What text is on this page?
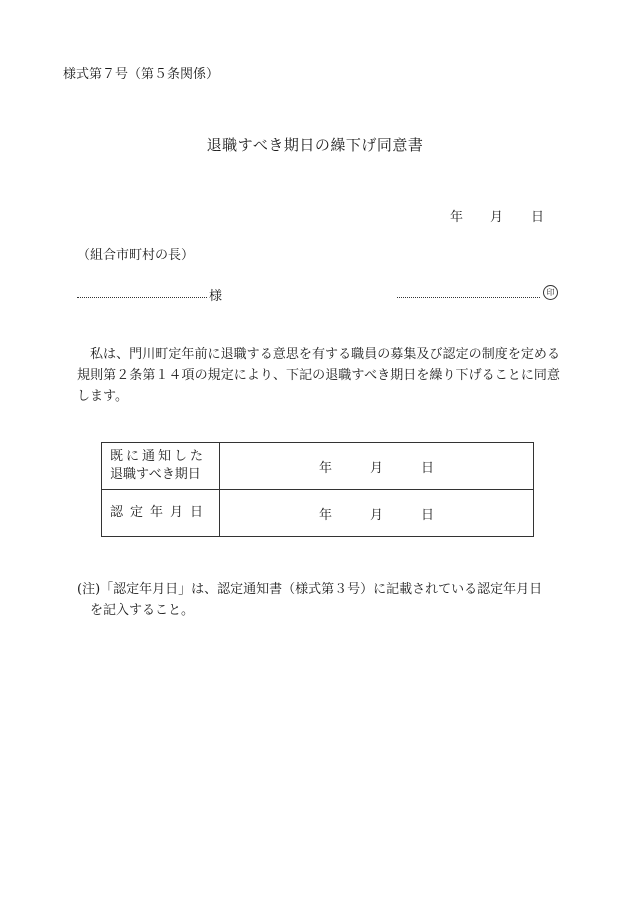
様式第７号（第５条関係）
退職すべき期日の繰下げ同意書
年 月 日
（組合市町村の長）
様	印
私は、門川町定年前に退職する意思を有する職員の募集及び認定の制度を定める規則第２条第１４項の規定により、下記の退職すべき期日を繰り下げることに同意します。
既に通知した
退職すべき期日	年 月 日

認定年月日	年 月 日
(注)「認定年月日」は、認定通知書（様式第３号）に記載されている認定年月日
を記入すること。
